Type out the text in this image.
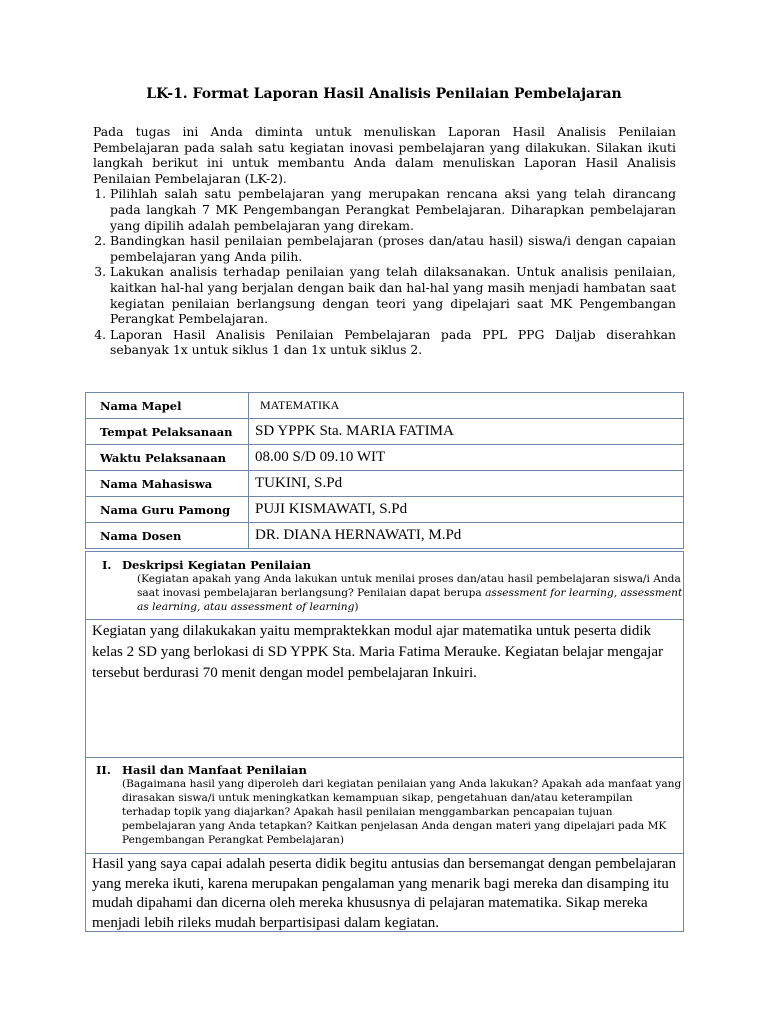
LK-1. Format Laporan Hasil Analisis Penilaian Pembelajaran

Pada tugas ini Anda diminta untuk menuliskan Laporan Hasil Analisis Penilaian Pembelajaran pada salah satu kegiatan inovasi pembelajaran yang dilakukan. Silakan ikuti langkah berikut ini untuk membantu Anda dalam menuliskan Laporan Hasil Analisis Penilaian Pembelajaran (LK-2).

1. Pilihlah salah satu pembelajaran yang merupakan rencana aksi yang telah dirancang pada langkah 7 MK Pengembangan Perangkat Pembelajaran. Diharapkan pembelajaran yang dipilih adalah pembelajaran yang direkam.
2. Bandingkan hasil penilaian pembelajaran (proses dan/atau hasil) siswa/i dengan capaian pembelajaran yang Anda pilih.
3. Lakukan analisis terhadap penilaian yang telah dilaksanakan. Untuk analisis penilaian, kaitkan hal-hal yang berjalan dengan baik dan hal-hal yang masih menjadi hambatan saat kegiatan penilaian berlangsung dengan teori yang dipelajari saat MK Pengembangan Perangkat Pembelajaran.
4. Laporan Hasil Analisis Penilaian Pembelajaran pada PPL PPG Daljab diserahkan sebanyak 1x untuk siklus 1 dan 1x untuk siklus 2.
Nama Mapel	MATEMATIKA
Tempat Pelaksanaan	SD YPPK Sta. MARIA FATIMA
Waktu Pelaksanaan	08.00 S/D 09.10 WIT
Nama Mahasiswa	TUKINI, S.Pd
Nama Guru Pamong	PUJI KISMAWATI, S.Pd
Nama Dosen	DR. DIANA HERNAWATI, M.Pd
I. Deskripsi Kegiatan Penilaian
(Kegiatan apakah yang Anda lakukan untuk menilai proses dan/atau hasil pembelajaran siswa/i Anda saat inovasi pembelajaran berlangsung? Penilaian dapat berupa assessment for learning, assessment as learning, atau assessment of learning)
Kegiatan yang dilakukakan yaitu mempraktekkan modul ajar matematika untuk peserta didik kelas 2 SD yang berlokasi di SD YPPK Sta. Maria Fatima Merauke. Kegiatan belajar mengajar tersebut berdurasi 70 menit dengan model pembelajaran Inkuiri.
II. Hasil dan Manfaat Penilaian
(Bagaimana hasil yang diperoleh dari kegiatan penilaian yang Anda lakukan? Apakah ada manfaat yang dirasakan siswa/i untuk meningkatkan kemampuan sikap, pengetahuan dan/atau keterampilan terhadap topik yang diajarkan? Apakah hasil penilaian menggambarkan pencapaian tujuan pembelajaran yang Anda tetapkan? Kaitkan penjelasan Anda dengan materi yang dipelajari pada MK Pengembangan Perangkat Pembelajaran)
Hasil yang saya capai adalah peserta didik begitu antusias dan bersemangat dengan pembelajaran yang mereka ikuti, karena merupakan pengalaman yang menarik bagi mereka dan disamping itu mudah dipahami dan dicerna oleh mereka khususnya di pelajaran matematika. Sikap mereka menjadi lebih rileks mudah berpartisipasi dalam kegiatan.
